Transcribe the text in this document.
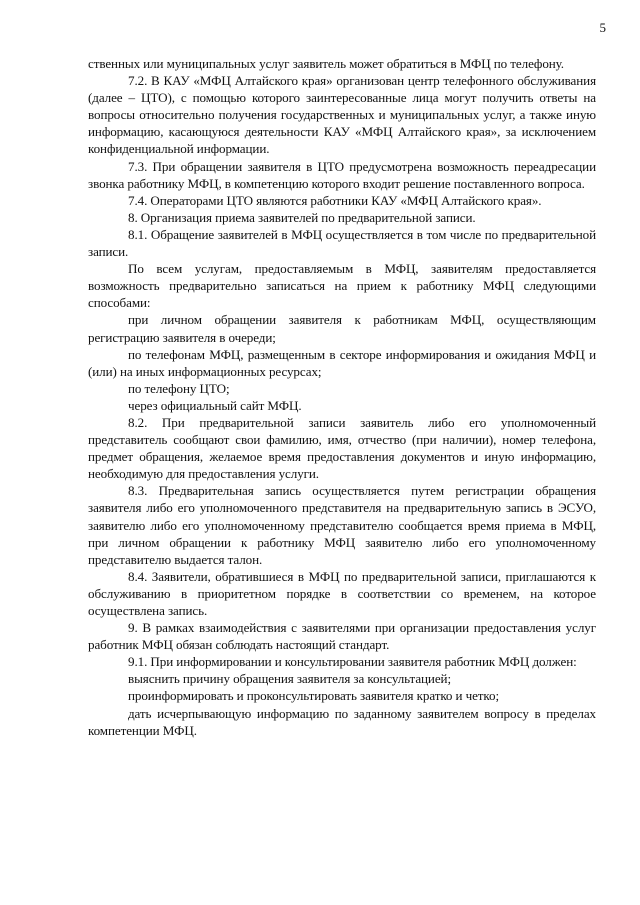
5

ственных или муниципальных услуг заявитель может обратиться в МФЦ по телефону.

7.2. В КАУ «МФЦ Алтайского края» организован центр телефонного обслуживания (далее – ЦТО), с помощью которого заинтересованные лица могут получить ответы на вопросы относительно получения государственных и муниципальных услуг, а также иную информацию, касающуюся деятельности КАУ «МФЦ Алтайского края», за исключением конфиденциальной информации.

7.3. При обращении заявителя в ЦТО предусмотрена возможность переадресации звонка работнику МФЦ, в компетенцию которого входит решение поставленного вопроса.

7.4. Операторами ЦТО являются работники КАУ «МФЦ Алтайского края».

8. Организация приема заявителей по предварительной записи.

8.1. Обращение заявителей в МФЦ осуществляется в том числе по предварительной записи.

По всем услугам, предоставляемым в МФЦ, заявителям предоставляется возможность предварительно записаться на прием к работнику МФЦ следующими способами:

при личном обращении заявителя к работникам МФЦ, осуществляющим регистрацию заявителя в очереди;

по телефонам МФЦ, размещенным в секторе информирования и ожидания МФЦ и (или) на иных информационных ресурсах;

по телефону ЦТО;

через официальный сайт МФЦ.

8.2. При предварительной записи заявитель либо его уполномоченный представитель сообщают свои фамилию, имя, отчество (при наличии), номер телефона, предмет обращения, желаемое время предоставления документов и иную информацию, необходимую для предоставления услуги.

8.3. Предварительная запись осуществляется путем регистрации обращения заявителя либо его уполномоченного представителя на предварительную запись в ЭСУО, заявителю либо его уполномоченному представителю сообщается время приема в МФЦ, при личном обращении к работнику МФЦ заявителю либо его уполномоченному представителю выдается талон.

8.4. Заявители, обратившиеся в МФЦ по предварительной записи, приглашаются к обслуживанию в приоритетном порядке в соответствии со временем, на которое осуществлена запись.

9. В рамках взаимодействия с заявителями при организации предоставления услуг работник МФЦ обязан соблюдать настоящий стандарт.

9.1. При информировании и консультировании заявителя работник МФЦ должен:

выяснить причину обращения заявителя за консультацией;

проинформировать и проконсультировать заявителя кратко и четко;

дать исчерпывающую информацию по заданному заявителем вопросу в пределах компетенции МФЦ.
